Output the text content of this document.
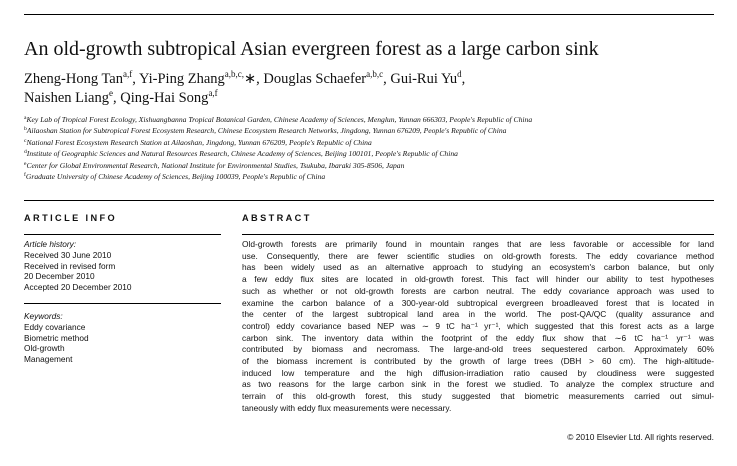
An old-growth subtropical Asian evergreen forest as a large carbon sink
Zheng-Hong Tan$^{a,f}$, Yi-Ping Zhang$^{a,b,c,}$∗, Douglas Schaefer$^{a,b,c}$, Gui-Rui Yu$^d$,
Naishen Liang$^e$, Qing-Hai Song$^{a,f}$
$^a$Key Lab of Tropical Forest Ecology, Xishuangbanna Tropical Botanical Garden, Chinese Academy of Sciences, Menglun, Yunnan 666303, People's Republic of China
$^b$Ailaoshan Station for Subtropical Forest Ecosystem Research, Chinese Ecosystem Research Networks, Jingdong, Yunnan 676209, People's Republic of China
$^c$National Forest Ecosystem Research Station at Ailaoshan, Jingdong, Yunnan 676209, People's Republic of China
$^d$Institute of Geographic Sciences and Natural Resources Research, Chinese Academy of Sciences, Beijing 100101, People's Republic of China
$^e$Center for Global Environmental Research, National Institute for Environmental Studies, Tsukuba, Ibaraki 305-8506, Japan
$^f$Graduate University of Chinese Academy of Sciences, Beijing 100039, People's Republic of China
ARTICLE INFO	ABSTRACT
Article history:
Received 30 June 2010
Received in revised form
20 December 2010
Accepted 20 December 2010
Keywords:
Eddy covariance
Biometric method
Old-growth
Management
Old-growth forests are primarily found in mountain ranges that are less favorable or accessible for land
use. Consequently, there are fewer scientific studies on old-growth forests. The eddy covariance method
has been widely used as an alternative approach to studying an ecosystem's carbon balance, but only
a few eddy flux sites are located in old-growth forest. This fact will hinder our ability to test hypotheses
such as whether or not old-growth forests are carbon neutral. The eddy covariance approach was used to
examine the carbon balance of a 300-year-old subtropical evergreen broadleaved forest that is located in
the center of the largest subtropical land area in the world. The post-QA/QC (quality assurance and
control) eddy covariance based NEP was ∼ 9 tC ha⁻¹ yr⁻¹, which suggested that this forest acts as a large
carbon sink. The inventory data within the footprint of the eddy flux show that ∼6 tC ha⁻¹ yr⁻¹ was
contributed by biomass and necromass. The large-and-old trees sequestered carbon. Approximately 60%
of the biomass increment is contributed by the growth of large trees (DBH > 60 cm). The high-altitude-
induced low temperature and the high diffusion-irradiation ratio caused by cloudiness were suggested
as two reasons for the large carbon sink in the forest we studied. To analyze the complex structure and
terrain of this old-growth forest, this study suggested that biometric measurements carried out simul-
taneously with eddy flux measurements were necessary.
© 2010 Elsevier Ltd. All rights reserved.
